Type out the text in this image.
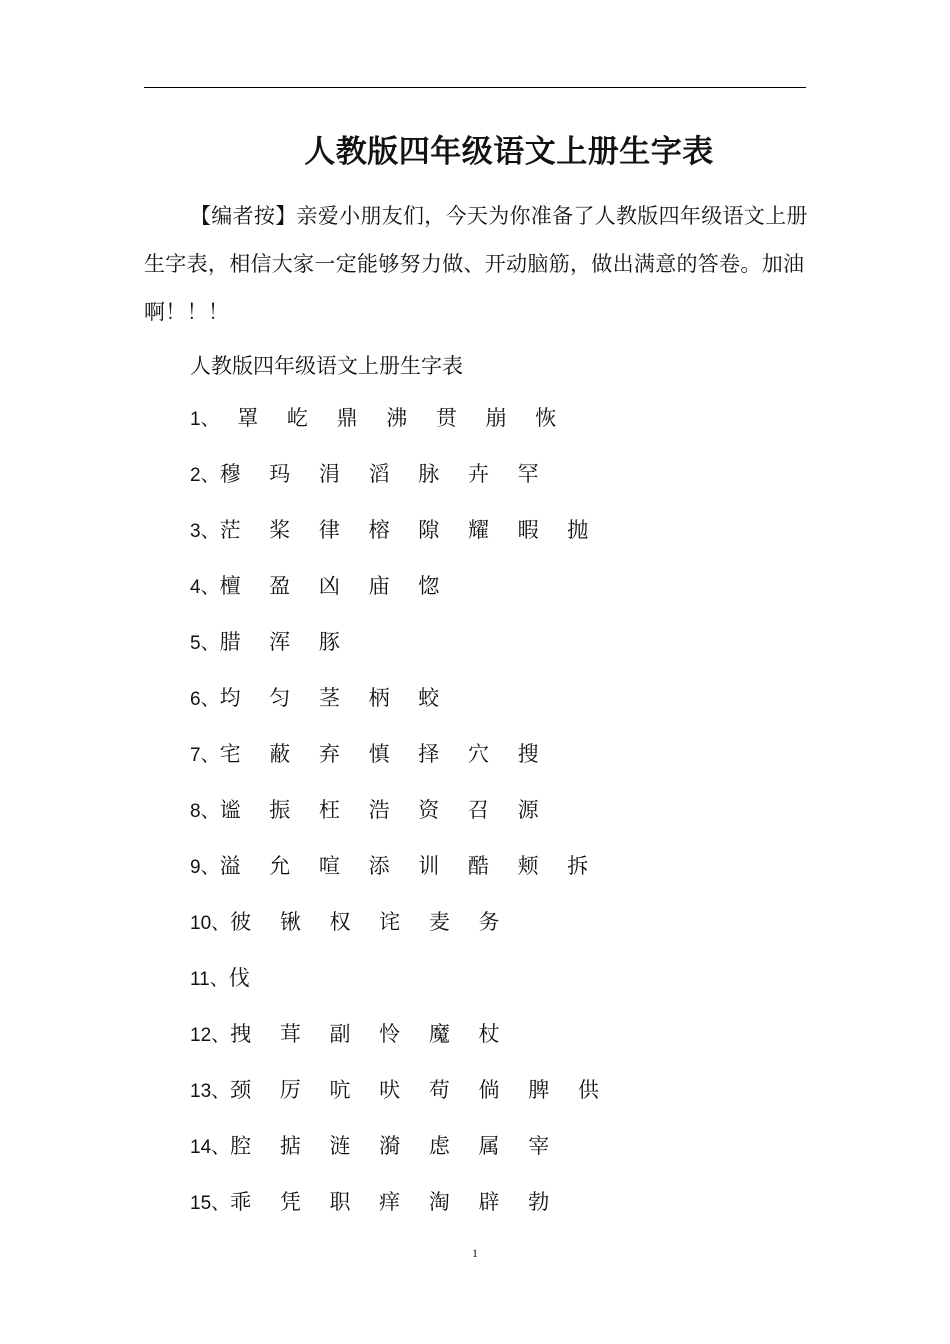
人教版四年级语文上册生字表

【编者按】亲爱小朋友们，今天为你准备了人教版四年级语文上册生字表，相信大家一定能够努力做、开动脑筋，做出满意的答卷。加油啊！！！

人教版四年级语文上册生字表
1、 罩 屹 鼎 沸 贯 崩 恢
2、穆 玛 涓 滔 脉 卉 罕
3、茫 桨 律 榕 隙 耀 暇 抛
4、檀 盈 凶 庙 惚
5、腊 浑 豚
6、均 匀 茎 柄 蛟
7、宅 蔽 弃 慎 择 穴 搜
8、谧 振 枉 浩 资 召 源
9、溢 允 喧 添 训 酷 颊 拆
10、彼 锹 权 诧 麦 务
11、伐
12、拽 茸 副 怜 魔 杖
13、颈 厉 吭 吠 苟 倘 脾 供
14、腔 掂 涟 漪 虑 属 宰
15、乖 凭 职 痒 淘 辟 勃
1
